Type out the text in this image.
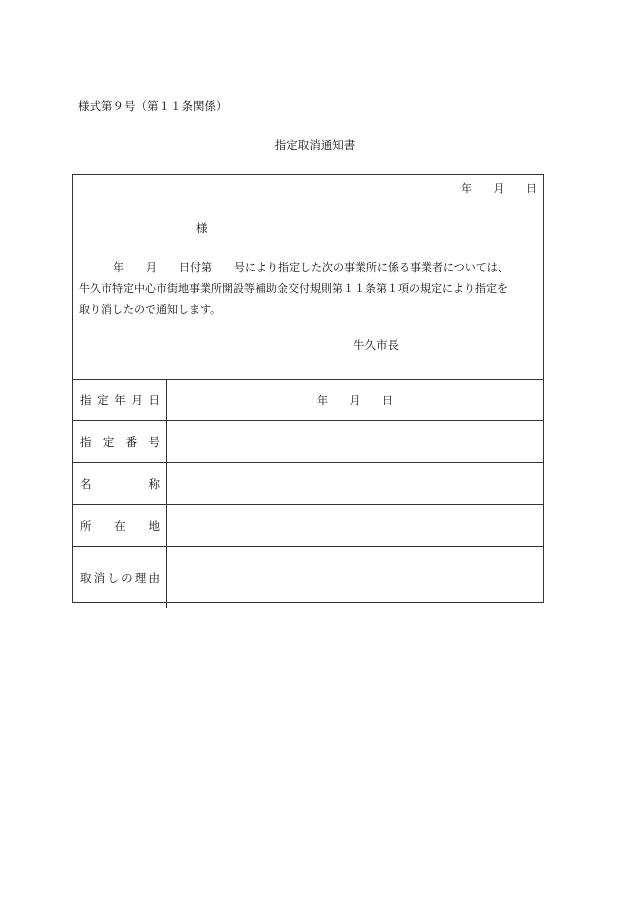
様式第９号（第１１条関係）
指定取消通知書
年 月 日
様
年　　月　　日付第　　号により指定した次の事業所に係る事業者については、
牛久市特定中心市街地事業所開設等補助金交付規則第１１条第１項の規定により指定を
取り消したので通知します。
牛久市長
指 定 年 月 日	年 月 日
指 定 番 号
名	称
所 在 地
取 消 し の 理 由
